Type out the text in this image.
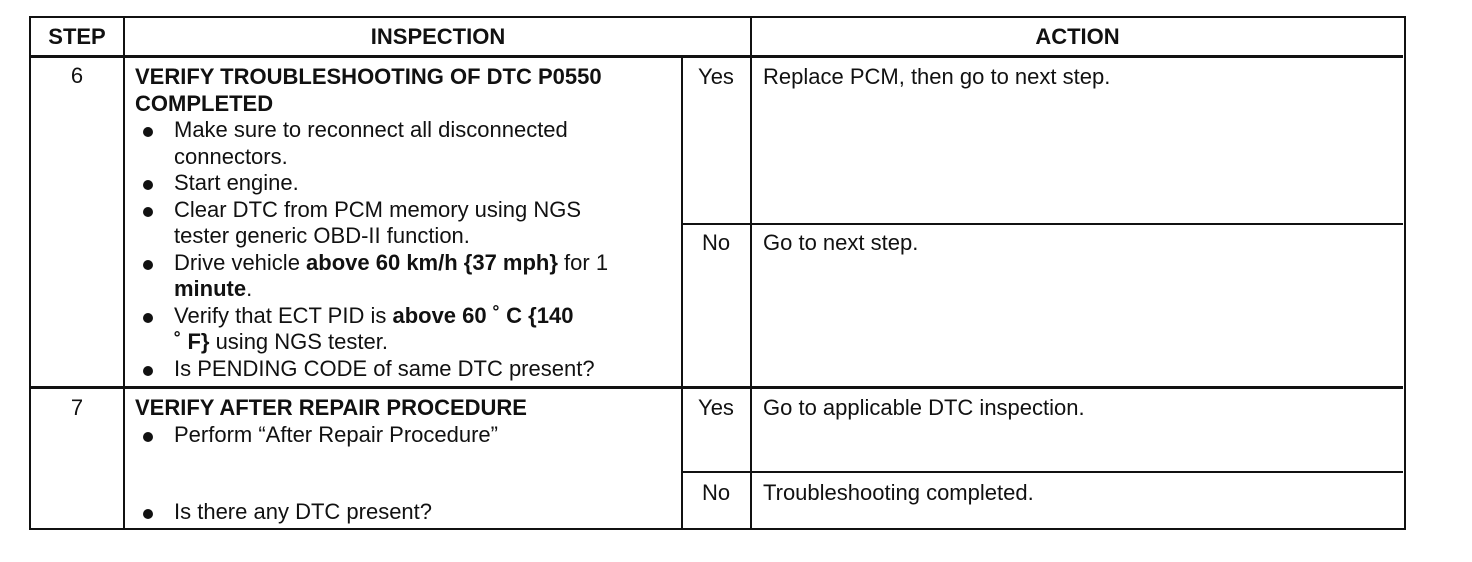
STEP	INSPECTION	ACTION
6	VERIFY TROUBLESHOOTING OF DTC P0550
COMPLETED
Make sure to reconnect all disconnected
connectors.
Start engine.
Clear DTC from PCM memory using NGS
tester generic OBD-II function.
Drive vehicle above 60 km/h {37 mph} for 1
minute.
Verify that ECT PID is above 60 ˚ C {140
˚ F} using NGS tester.
Is PENDING CODE of same DTC present?
Yes	Replace PCM, then go to next step.
No	Go to next step.
7	VERIFY AFTER REPAIR PROCEDURE
Perform “After Repair Procedure”
Is there any DTC present?
Yes	Go to applicable DTC inspection.
No	Troubleshooting completed.
